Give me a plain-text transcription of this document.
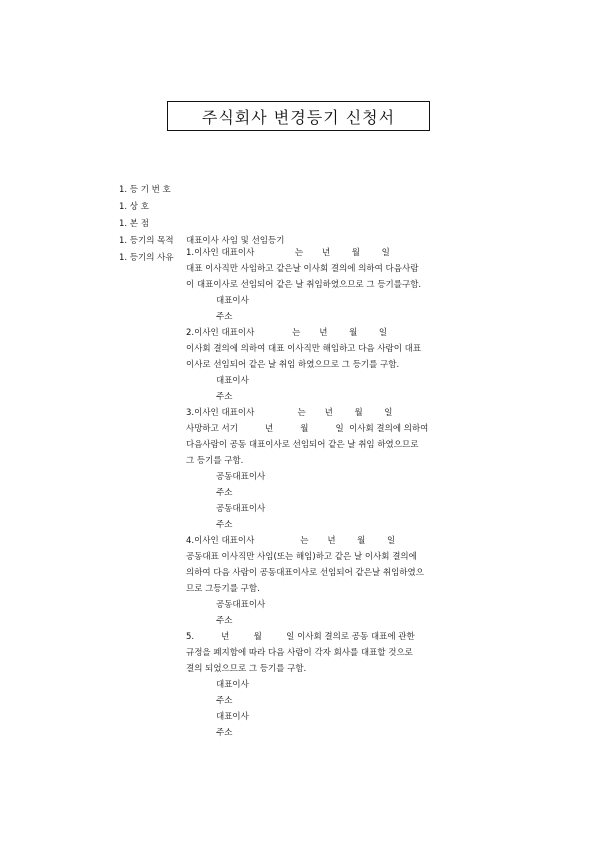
주식회사 변경등기 신청서
1. 등 기 번 호
1. 상 호
1. 본 점
1. 등기의 목적	대표이사 사임 및 선임등기
1. 등기의 사유	1.이사인 대표이사               는       년        월        일
대표 이사직만 사임하고 같은날 이사회 결의에 의하여 다음사람
이 대표이사로 선임되어 같은 날 취임하였으므로 그 등기를구함.
대표이사
주소
2.이사인 대표이사              는       년        월        일
이사회 결의에 의하여 대표 이사직만 해임하고 다음 사람이 대표
이사로 선임되어 같은 날 취임 하였으므로 그 등기를 구함.
대표이사
주소
3.이사인 대표이사                는       년        월        일
사망하고 서기          년          월          일  이사회 결의에 의하여
다음사람이 공동 대표이사로 선임되어 같은 날 취임 하였으므로
그 등기를 구함.
공동대표이사
주소
공동대표이사
주소
4.이사인 대표이사                 는       년        월        일
공동대표 이사직만 사임(또는 해임)하고 같은 날 이사회 결의에
의하여 다음 사람이 공동대표이사로 선임되어 같은날 취임하였으
므로 그등기를 구함.
공동대표이사
주소
5.          년         월         일 이사회 결의로 공동 대표에 관한
규정을 폐지함에 따라 다음 사람이 각자 회사를 대표할 것으로
결의 되었으므로 그 등기를 구함.
대표이사
주소
대표이사
주소
